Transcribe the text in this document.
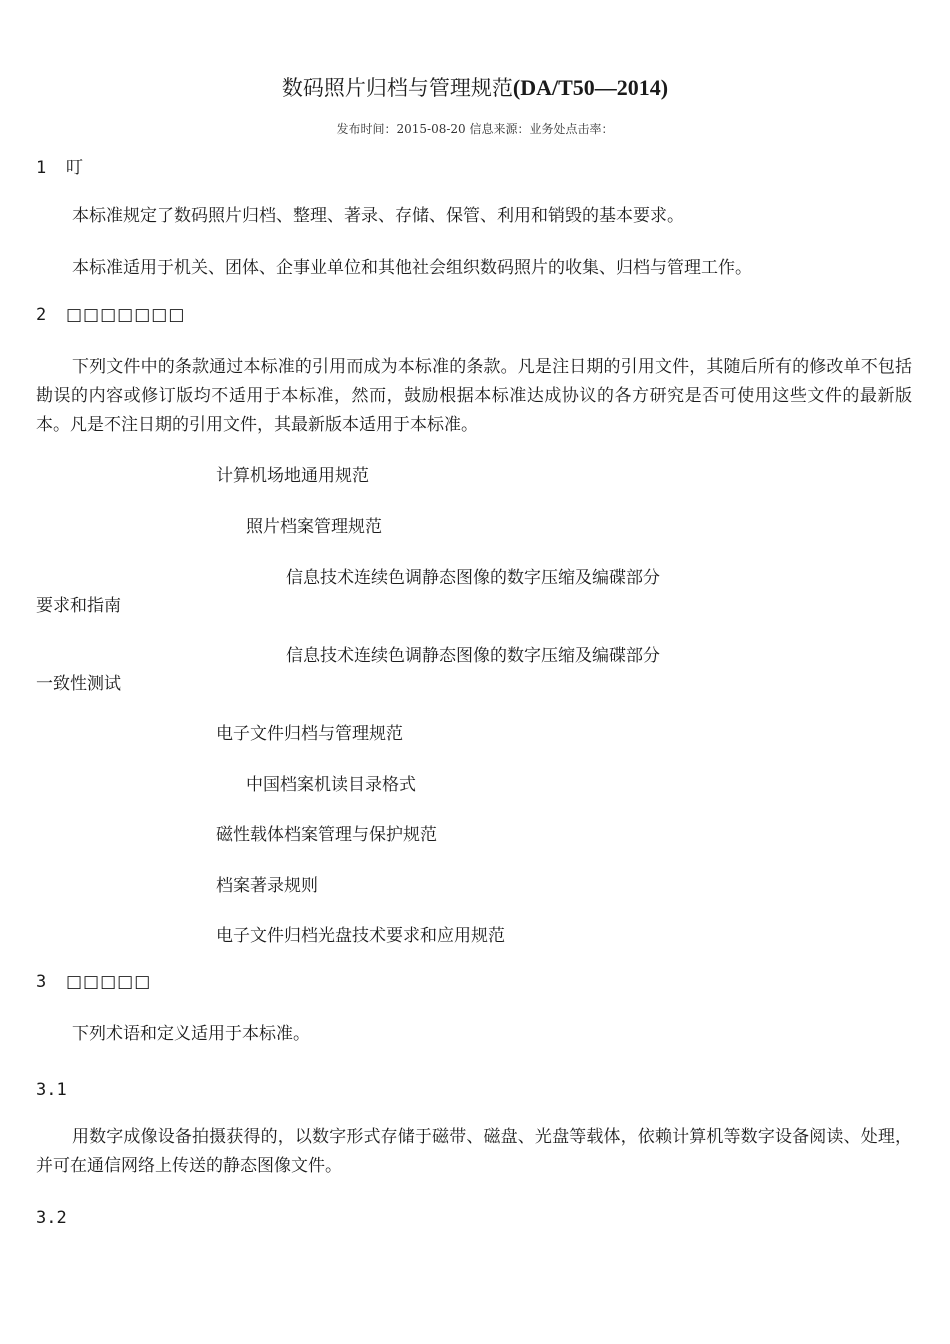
数码照片归档与管理规范(DA/T50—2014)
发布时间：2015-08-20 信息来源：业务处点击率：
1 叮
本标准规定了数码照片归档、整理、著录、存储、保管、利用和销毁的基本要求。
本标准适用于机关、团体、企事业单位和其他社会组织数码照片的收集、归档与管理工作。
2 □□□□□□□
下列文件中的条款通过本标准的引用而成为本标准的条款。凡是注日期的引用文件，其随后所有的修改单不包括勘误的内容或修订版均不适用于本标准，然而，鼓励根据本标准达成协议的各方研究是否可使用这些文件的最新版本。凡是不注日期的引用文件，其最新版本适用于本标准。
计算机场地通用规范
照片档案管理规范
信息技术连续色调静态图像的数字压缩及编碟部分
要求和指南
信息技术连续色调静态图像的数字压缩及编碟部分
一致性测试
电子文件归档与管理规范
中国档案机读目录格式
磁性载体档案管理与保护规范
档案著录规则
电子文件归档光盘技术要求和应用规范
3 □□□□□
下列术语和定义适用于本标准。
3.1
用数字成像设备拍摄获得的，以数字形式存储于磁带、磁盘、光盘等载体，依赖计算机等数字设备阅读、处理，并可在通信网络上传送的静态图像文件。
3.2
